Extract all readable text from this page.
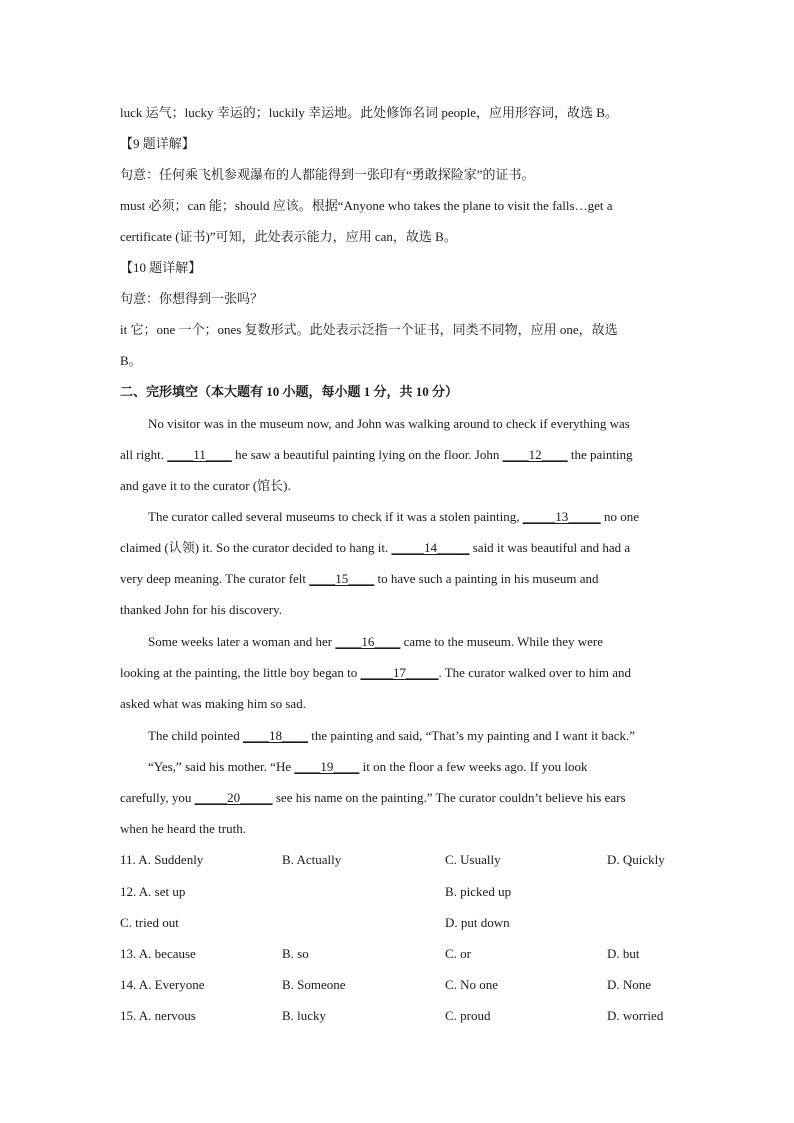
luck 运气；lucky 幸运的；luckily 幸运地。此处修饰名词 people，应用形容词，故选 B。
【9 题详解】
句意：任何乘飞机参观瀑布的人都能得到一张印有“勇敢探险家”的证书。
must 必须；can 能；should 应该。根据“Anyone who takes the plane to visit the falls…get a
certificate (证书)”可知，此处表示能力，应用 can，故选 B。
【10 题详解】
句意：你想得到一张吗？
it 它；one 一个；ones 复数形式。此处表示泛指一个证书，同类不同物，应用 one，故选
B。
二、完形填空（本大题有 10 小题，每小题 1 分，共 10 分）
No visitor was in the museum now, and John was walking around to check if everything was
all right. ____11____ he saw a beautiful painting lying on the floor. John ____12____ the painting
and gave it to the curator (馆长).
The curator called several museums to check if it was a stolen painting, _____13_____ no one
claimed (认领) it. So the curator decided to hang it. _____14_____ said it was beautiful and had a
very deep meaning. The curator felt ____15____ to have such a painting in his museum and
thanked John for his discovery.
Some weeks later a woman and her ____16____ came to the museum. While they were
looking at the painting, the little boy began to _____17_____. The curator walked over to him and
asked what was making him so sad.
The child pointed ____18____ the painting and said, “That’s my painting and I want it back.”
“Yes,” said his mother. “He ____19____ it on the floor a few weeks ago. If you look
carefully, you _____20_____ see his name on the painting.” The curator couldn’t believe his ears
when he heard the truth.
11. A. Suddenly	B. Actually	C. Usually	D. Quickly
12. A. set up	B. picked up
C. tried out	D. put down
13. A. because	B. so	C. or	D. but
14. A. Everyone	B. Someone	C. No one	D. None
15. A. nervous	B. lucky	C. proud	D. worried
